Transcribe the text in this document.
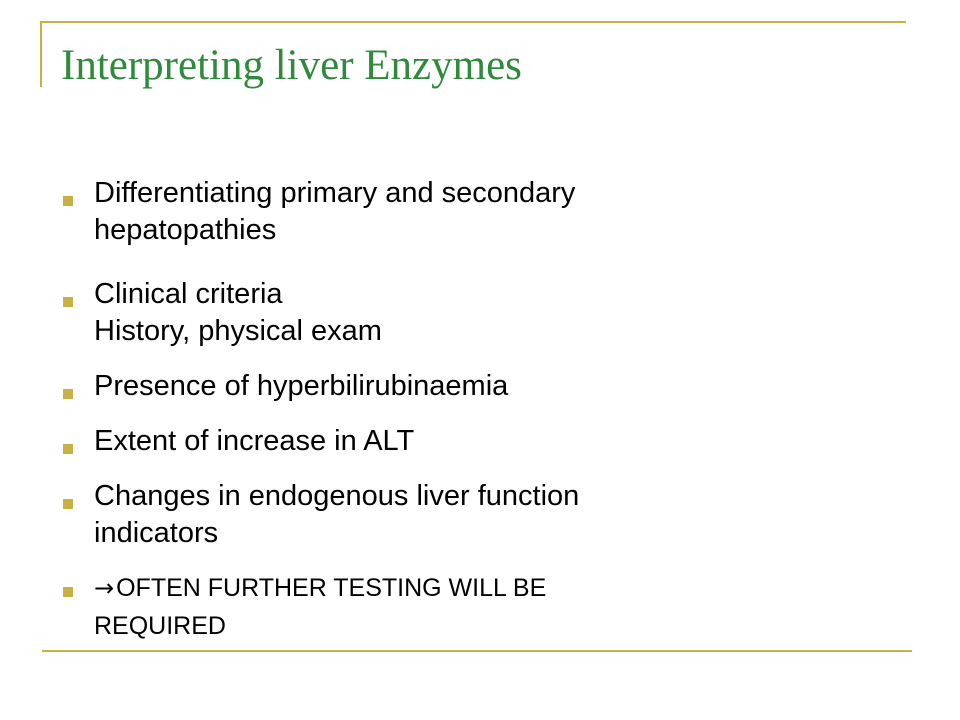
Interpreting liver Enzymes
Differentiating primary and secondary
hepatopathies
Clinical criteria
History, physical exam
Presence of hyperbilirubinaemia
Extent of increase in ALT
Changes in endogenous liver function
indicators
→OFTEN FURTHER TESTING WILL BE
REQUIRED
